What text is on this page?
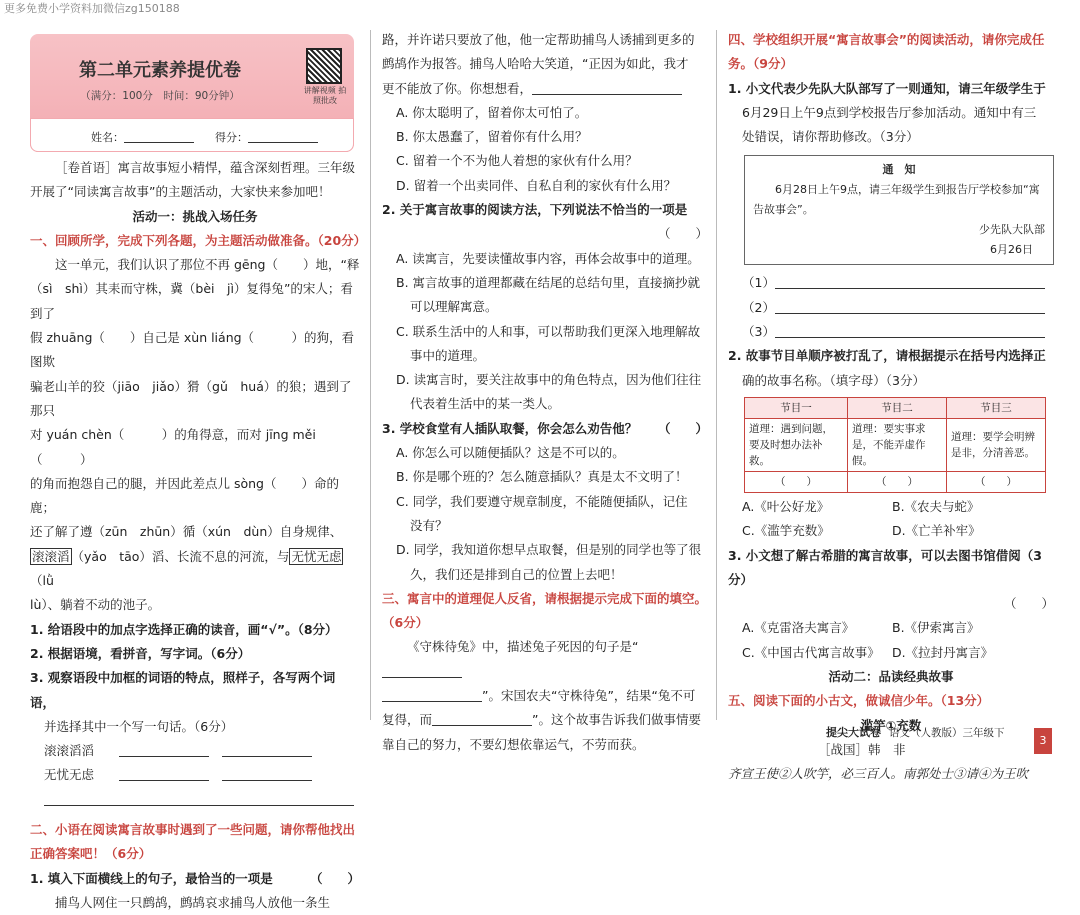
更多免费小学资料加微信zg150188
第二单元素养提优卷
（满分：100分　时间：90分钟）	讲解视频 拍照批改
姓名：	得分：

［卷首语］寓言故事短小精悍，蕴含深刻哲理。三年级

开展了“同读寓言故事”的主题活动，大家快来参加吧！

活动一：挑战入场任务

一、回顾所学，完成下列各题，为主题活动做准备。（20分）

这一单元，我们认识了那位不再 gēng（　　）地，“释

（sì　shì）其耒而守株，冀（bèi　jì）复得兔”的宋人；看到了

假 zhuāng（　　）自己是 xùn liáng（　　　）的狗，看图欺

骗老山羊的狡（jiāo　jiǎo）猾（gǔ　huá）的狼；遇到了那只

对 yuán chèn（　　　）的角得意，而对 jīng měi（　　　）

的角而抱怨自己的腿，并因此差点儿 sòng（　　）命的鹿；

还了解了遵（zūn　zhūn）循（xún　dùn）自身规律、

滚滚滔 （yǎo　tāo）滔、长流不息的河流，与 无忧无虑（lǜ

lù）、躺着不动的池子。

1. 给语段中的加点字选择正确的读音，画“√”。（8分）

2. 根据语境，看拼音，写字词。（6分）

3. 观察语段中加框的词语的特点，照样子，各写两个词语，

并选择其中一个写一句话。（6分）

滚滚滔滔　　　

无忧无虑　　　

二、小语在阅读寓言故事时遇到了一些问题，请你帮他找出

正确答案吧！（6分）

1. 填入下面横线上的句子，最恰当的一项是	（　　）

捕鸟人网住一只鹧鸪，鹧鸪哀求捕鸟人放他一条生

路，并许诺只要放了他，他一定帮助捕鸟人诱捕到更多的

鹧鸪作为报答。捕鸟人哈哈大笑道，“正因为如此，我才

更不能放了你。你想想看，

A. 你太聪明了，留着你太可怕了。

B. 你太愚蠢了，留着你有什么用？

C. 留着一个不为他人着想的家伙有什么用？

D. 留着一个出卖同伴、自私自利的家伙有什么用？

2. 关于寓言故事的阅读方法，下列说法不恰当的一项是

（　　）

A. 读寓言，先要读懂故事内容，再体会故事中的道理。

B. 寓言故事的道理都藏在结尾的总结句里，直接摘抄就

可以理解寓意。

C. 联系生活中的人和事，可以帮助我们更深入地理解故

事中的道理。

D. 读寓言时，要关注故事中的角色特点，因为他们往往

代表着生活中的某一类人。

3. 学校食堂有人插队取餐，你会怎么劝告他？ （　　）

A. 你怎么可以随便插队？这是不可以的。

B. 你是哪个班的？怎么随意插队？真是太不文明了！

C. 同学，我们要遵守规章制度，不能随便插队，记住

没有？

D. 同学，我知道你想早点取餐，但是别的同学也等了很

久，我们还是排到自己的位置上去吧！

三、寓言中的道理促人反省，请根据提示完成下面的填空。

（6分）

《守株待兔》中，描述兔子死因的句子是“

”。宋国农夫“守株待兔”，结果“兔不可

复得，而	”。这个故事告诉我们做事情要

靠自己的努力，不要幻想依靠运气，不劳而获。

四、学校组织开展“寓言故事会”的阅读活动，请你完成任

务。（9分）

1. 小文代表少先队大队部写了一则通知，请三年级学生于

6月29日上午9点到学校报告厅参加活动。通知中有三

处错误，请你帮助修改。（3分）

通　知
6月28日上午9点，请三年级学生到报告厅学校参加“寓
告故事会”。
少先队大队部
6月26日

（1）

（2）

（3）

2. 故事节目单顺序被打乱了，请根据提示在括号内选择正

确的故事名称。（填字母）（3分）

节目一	节目二	节目三
道理：遇到问题，要及时想办法补救。	道理：要实事求是，不能弄虚作假。	道理：要学会明辨是非，分清善恶。
（　　）	（　　）	（　　）
A.《叶公好龙》	B.《农夫与蛇》
C.《滥竽充数》	D.《亡羊补牢》

3. 小文想了解古希腊的寓言故事，可以去图书馆借阅（3分）

（　　）

A.《克雷洛夫寓言》	B.《伊索寓言》
C.《中国古代寓言故事》 D.《拉封丹寓言》

活动二：品读经典故事

五、阅读下面的小古文，做诚信少年。（13分）

滥竽①充数

［战国］韩　非

齐宣王使②人吹竽，必三百人。南郭处士③请④为王吹

提尖大试卷 语文（人教版）三年级下
3
